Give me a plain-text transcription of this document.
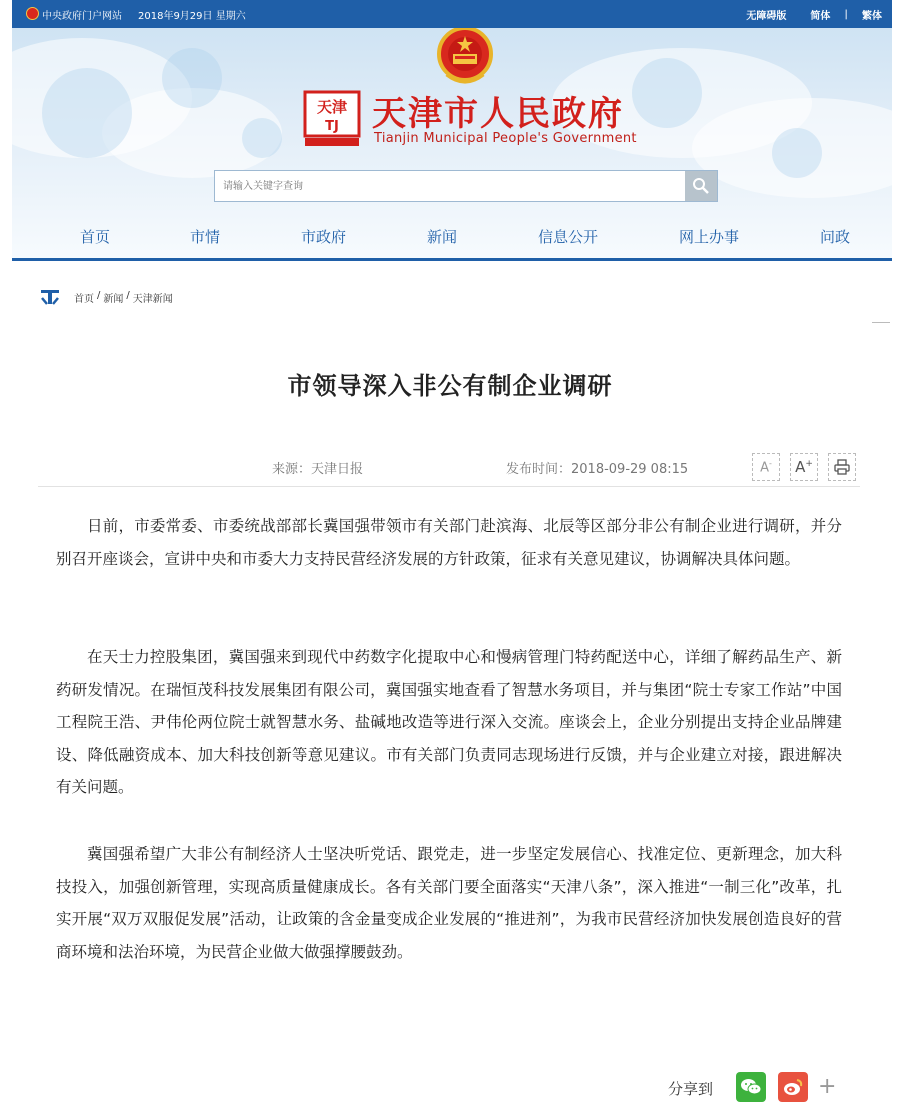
中央政府门户网站 2018年9月29日 星期六	无障碍版 简体 | 繁体
天津
TJ 天津市人民政府
Tianjin Municipal People's Government
请输入关键字查询
首页	市情	市政府	新闻	信息公开	网上办事	问政
首页 / 新闻 / 天津新闻
市领导深入非公有制企业调研
来源：天津日报	发布时间：2018-09-29 08:15	A- A+

日前，市委常委、市委统战部部长冀国强带领市有关部门赴滨海、北辰等区部分非公有制企业进行调研，并分别召开座谈会，宣讲中央和市委大力支持民营经济发展的方针政策，征求有关意见建议，协调解决具体问题。

在天士力控股集团，冀国强来到现代中药数字化提取中心和慢病管理门特药配送中心，详细了解药品生产、新药研发情况。在瑞恒茂科技发展集团有限公司，冀国强实地查看了智慧水务项目，并与集团“院士专家工作站”中国工程院王浩、尹伟伦两位院士就智慧水务、盐碱地改造等进行深入交流。座谈会上，企业分别提出支持企业品牌建设、降低融资成本、加大科技创新等意见建议。市有关部门负责同志现场进行反馈，并与企业建立对接，跟进解决有关问题。

冀国强希望广大非公有制经济人士坚决听党话、跟党走，进一步坚定发展信心、找准定位、更新理念，加大科技投入，加强创新管理，实现高质量健康成长。各有关部门要全面落实“天津八条”，深入推进“一制三化”改革，扎实开展“双万双服促发展”活动，让政策的含金量变成企业发展的“推进剂”，为我市民营经济加快发展创造良好的营商环境和法治环境，为民营企业做大做强撑腰鼓劲。

分享到	+
